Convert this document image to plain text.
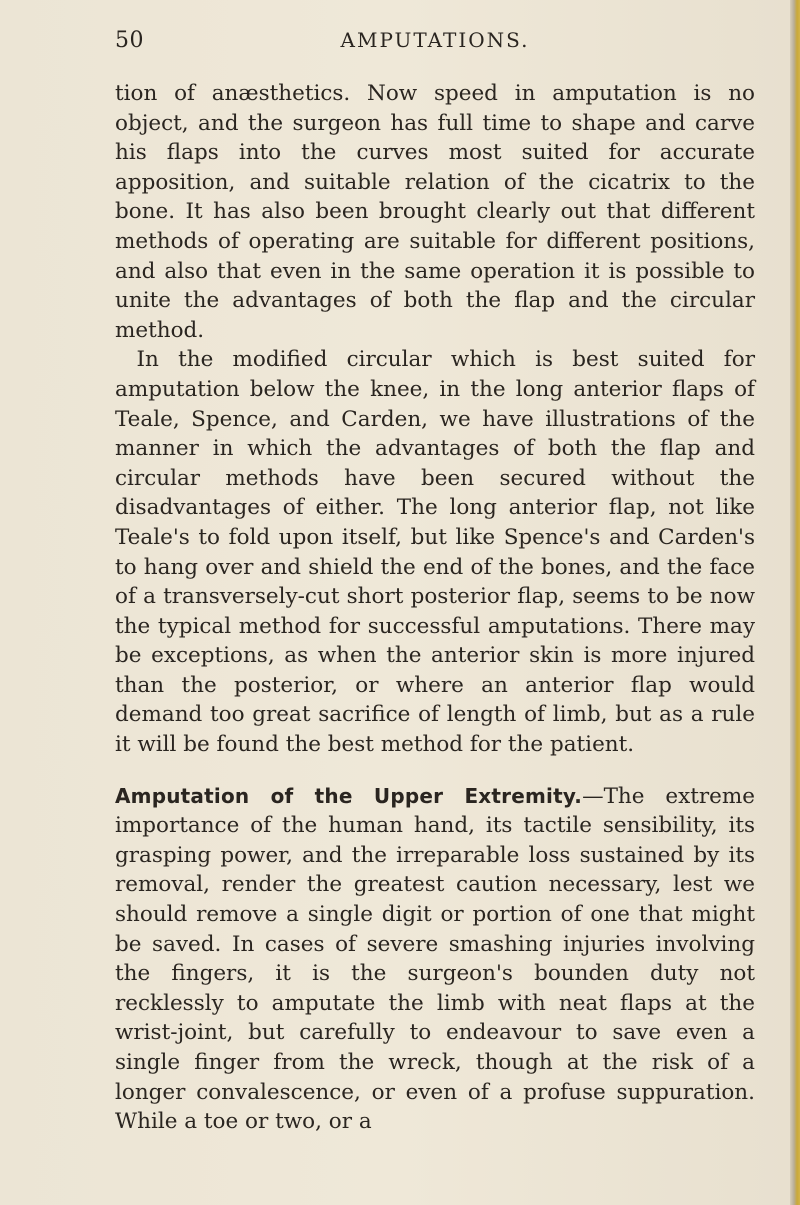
50	AMPUTATIONS.

tion of anæsthetics. Now speed in amputation is no object, and the surgeon has full time to shape and carve his flaps into the curves most suited for accurate apposition, and suitable relation of the cicatrix to the bone. It has also been brought clearly out that different methods of operating are suitable for different positions, and also that even in the same operation it is possible to unite the advantages of both the flap and the circular method.

In the modified circular which is best suited for amputation below the knee, in the long anterior flaps of Teale, Spence, and Carden, we have illustrations of the manner in which the advantages of both the flap and circular methods have been secured without the disadvantages of either. The long anterior flap, not like Teale's to fold upon itself, but like Spence's and Carden's to hang over and shield the end of the bones, and the face of a transversely-cut short posterior flap, seems to be now the typical method for successful amputations. There may be exceptions, as when the anterior skin is more injured than the posterior, or where an anterior flap would demand too great sacrifice of length of limb, but as a rule it will be found the best method for the patient.

Amputation of the Upper Extremity.—The extreme importance of the human hand, its tactile sensibility, its grasping power, and the irreparable loss sustained by its removal, render the greatest caution necessary, lest we should remove a single digit or portion of one that might be saved. In cases of severe smashing injuries involving the fingers, it is the surgeon's bounden duty not recklessly to amputate the limb with neat flaps at the wrist-joint, but carefully to endeavour to save even a single finger from the wreck, though at the risk of a longer convalescence, or even of a profuse suppuration. While a toe or two, or a
